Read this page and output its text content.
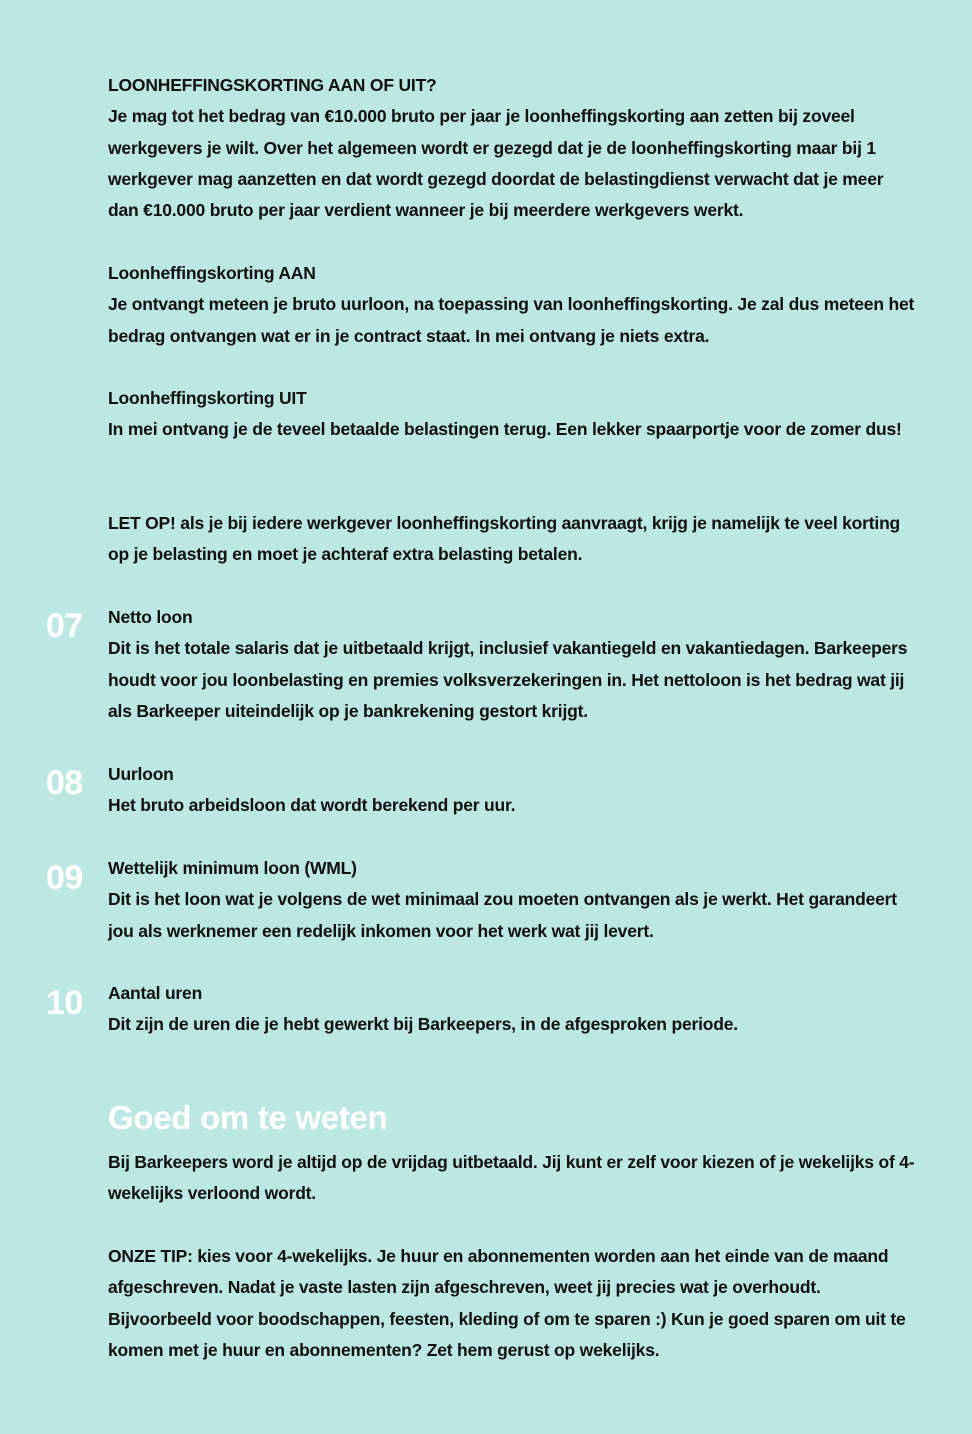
LOONHEFFINGSKORTING AAN OF UIT?

Je mag tot het bedrag van €10.000 bruto per jaar je loonheffingskorting aan zetten bij zoveel werkgevers je wilt. Over het algemeen wordt er gezegd dat je de loonheffingskorting maar bij 1 werkgever mag aanzetten en dat wordt gezegd doordat de belastingdienst verwacht dat je meer dan €10.000 bruto per jaar verdient wanneer je bij meerdere werkgevers werkt.

Loonheffingskorting AAN

Je ontvangt meteen je bruto uurloon, na toepassing van loonheffingskorting. Je zal dus meteen het bedrag ontvangen wat er in je contract staat. In mei ontvang je niets extra.

Loonheffingskorting UIT

In mei ontvang je de teveel betaalde belastingen terug. Een lekker spaarportje voor de zomer dus!

LET OP! als je bij iedere werkgever loonheffingskorting aanvraagt, krijg je namelijk te veel korting op je belasting en moet je achteraf extra belasting betalen.

07 Netto loon

Dit is het totale salaris dat je uitbetaald krijgt, inclusief vakantiegeld en vakantiedagen. Barkeepers houdt voor jou loonbelasting en premies volksverzekeringen in. Het nettoloon is het bedrag wat jij als Barkeeper uiteindelijk op je bankrekening gestort krijgt.

08 Uurloon

Het bruto arbeidsloon dat wordt berekend per uur.

09 Wettelijk minimum loon (WML)

Dit is het loon wat je volgens de wet minimaal zou moeten ontvangen als je werkt. Het garandeert jou als werknemer een redelijk inkomen voor het werk wat jij levert.

10 Aantal uren

Dit zijn de uren die je hebt gewerkt bij Barkeepers, in de afgesproken periode.

Goed om te weten

Bij Barkeepers word je altijd op de vrijdag uitbetaald. Jij kunt er zelf voor kiezen of je wekelijks of 4-wekelijks verloond wordt.

ONZE TIP: kies voor 4-wekelijks. Je huur en abonnementen worden aan het einde van de maand afgeschreven. Nadat je vaste lasten zijn afgeschreven, weet jij precies wat je overhoudt. Bijvoorbeeld voor boodschappen, feesten, kleding of om te sparen :) Kun je goed sparen om uit te komen met je huur en abonnementen? Zet hem gerust op wekelijks.
